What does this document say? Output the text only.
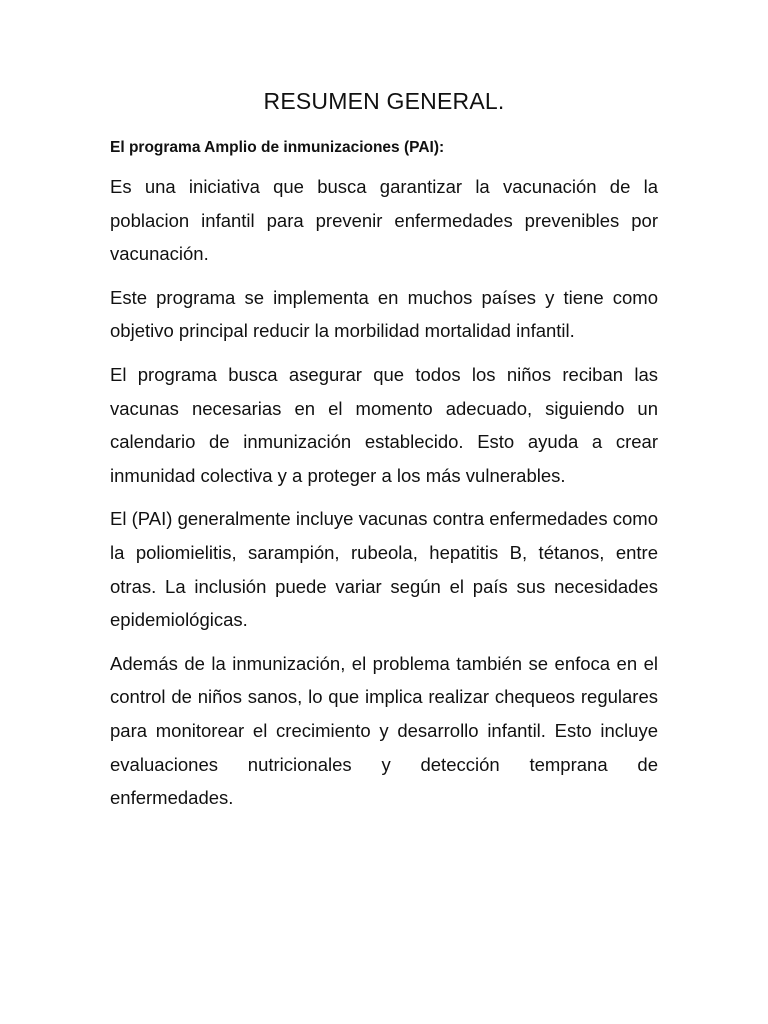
RESUMEN GENERAL.

El programa Amplio de inmunizaciones (PAI):

Es una iniciativa que busca garantizar la vacunación de la poblacion infantil para prevenir enfermedades prevenibles por vacunación.

Este programa se implementa en muchos países y tiene como objetivo principal reducir la morbilidad mortalidad infantil.

El programa busca asegurar que todos los niños reciban las vacunas necesarias en el momento adecuado, siguiendo un calendario de inmunización establecido. Esto ayuda a crear inmunidad colectiva y a proteger a los más vulnerables.

El (PAI) generalmente incluye vacunas contra enfermedades como la poliomielitis, sarampión, rubeola, hepatitis B, tétanos, entre otras. La inclusión puede variar según el país sus necesidades epidemiológicas.

Además de la inmunización, el problema también se enfoca en el control de niños sanos, lo que implica realizar chequeos regulares para monitorear el crecimiento y desarrollo infantil. Esto incluye evaluaciones nutricionales y detección temprana de enfermedades.
